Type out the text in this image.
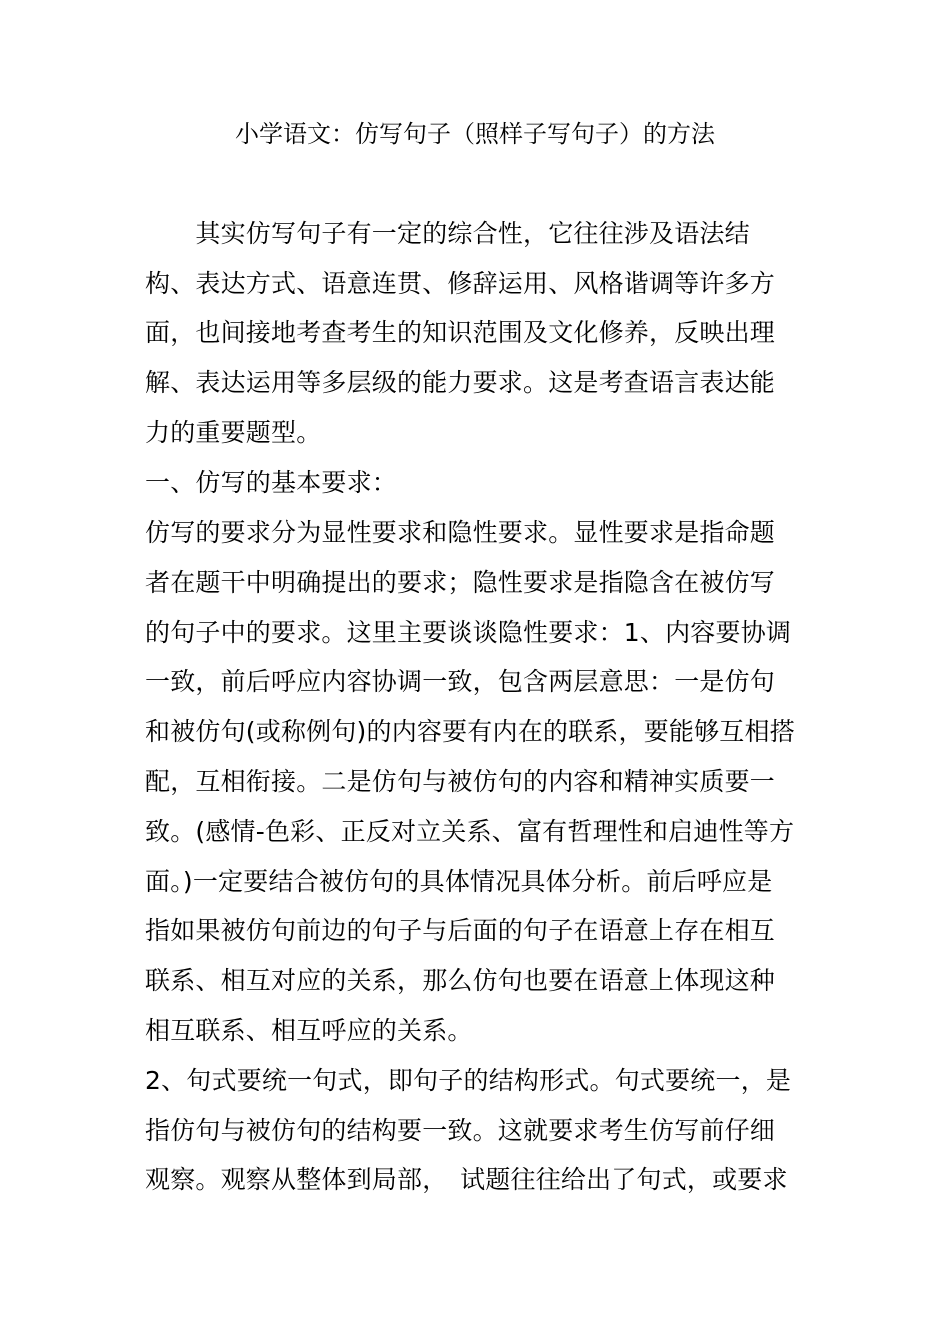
小学语文：仿写句子（照样子写句子）的方法
　　其实仿写句子有一定的综合性，它往往涉及语法结
构、表达方式、语意连贯、修辞运用、风格谐调等许多方
面，也间接地考查考生的知识范围及文化修养，反映出理
解、表达运用等多层级的能力要求。这是考查语言表达能
力的重要题型。
一、仿写的基本要求：
仿写的要求分为显性要求和隐性要求。显性要求是指命题
者在题干中明确提出的要求；隐性要求是指隐含在被仿写
的句子中的要求。这里主要谈谈隐性要求：1、内容要协调
一致，前后呼应内容协调一致，包含两层意思：一是仿句
和被仿句(或称例句)的内容要有内在的联系，要能够互相搭
配，互相衔接。二是仿句与被仿句的内容和精神实质要一
致。(感情-色彩、正反对立关系、富有哲理性和启迪性等方
面。)一定要结合被仿句的具体情况具体分析。前后呼应是
指如果被仿句前边的句子与后面的句子在语意上存在相互
联系、相互对应的关系，那么仿句也要在语意上体现这种
相互联系、相互呼应的关系。
2、句式要统一句式，即句子的结构形式。句式要统一，是
指仿句与被仿句的结构要一致。这就要求考生仿写前仔细
观察。观察从整体到局部，　试题往往给出了句式，或要求
